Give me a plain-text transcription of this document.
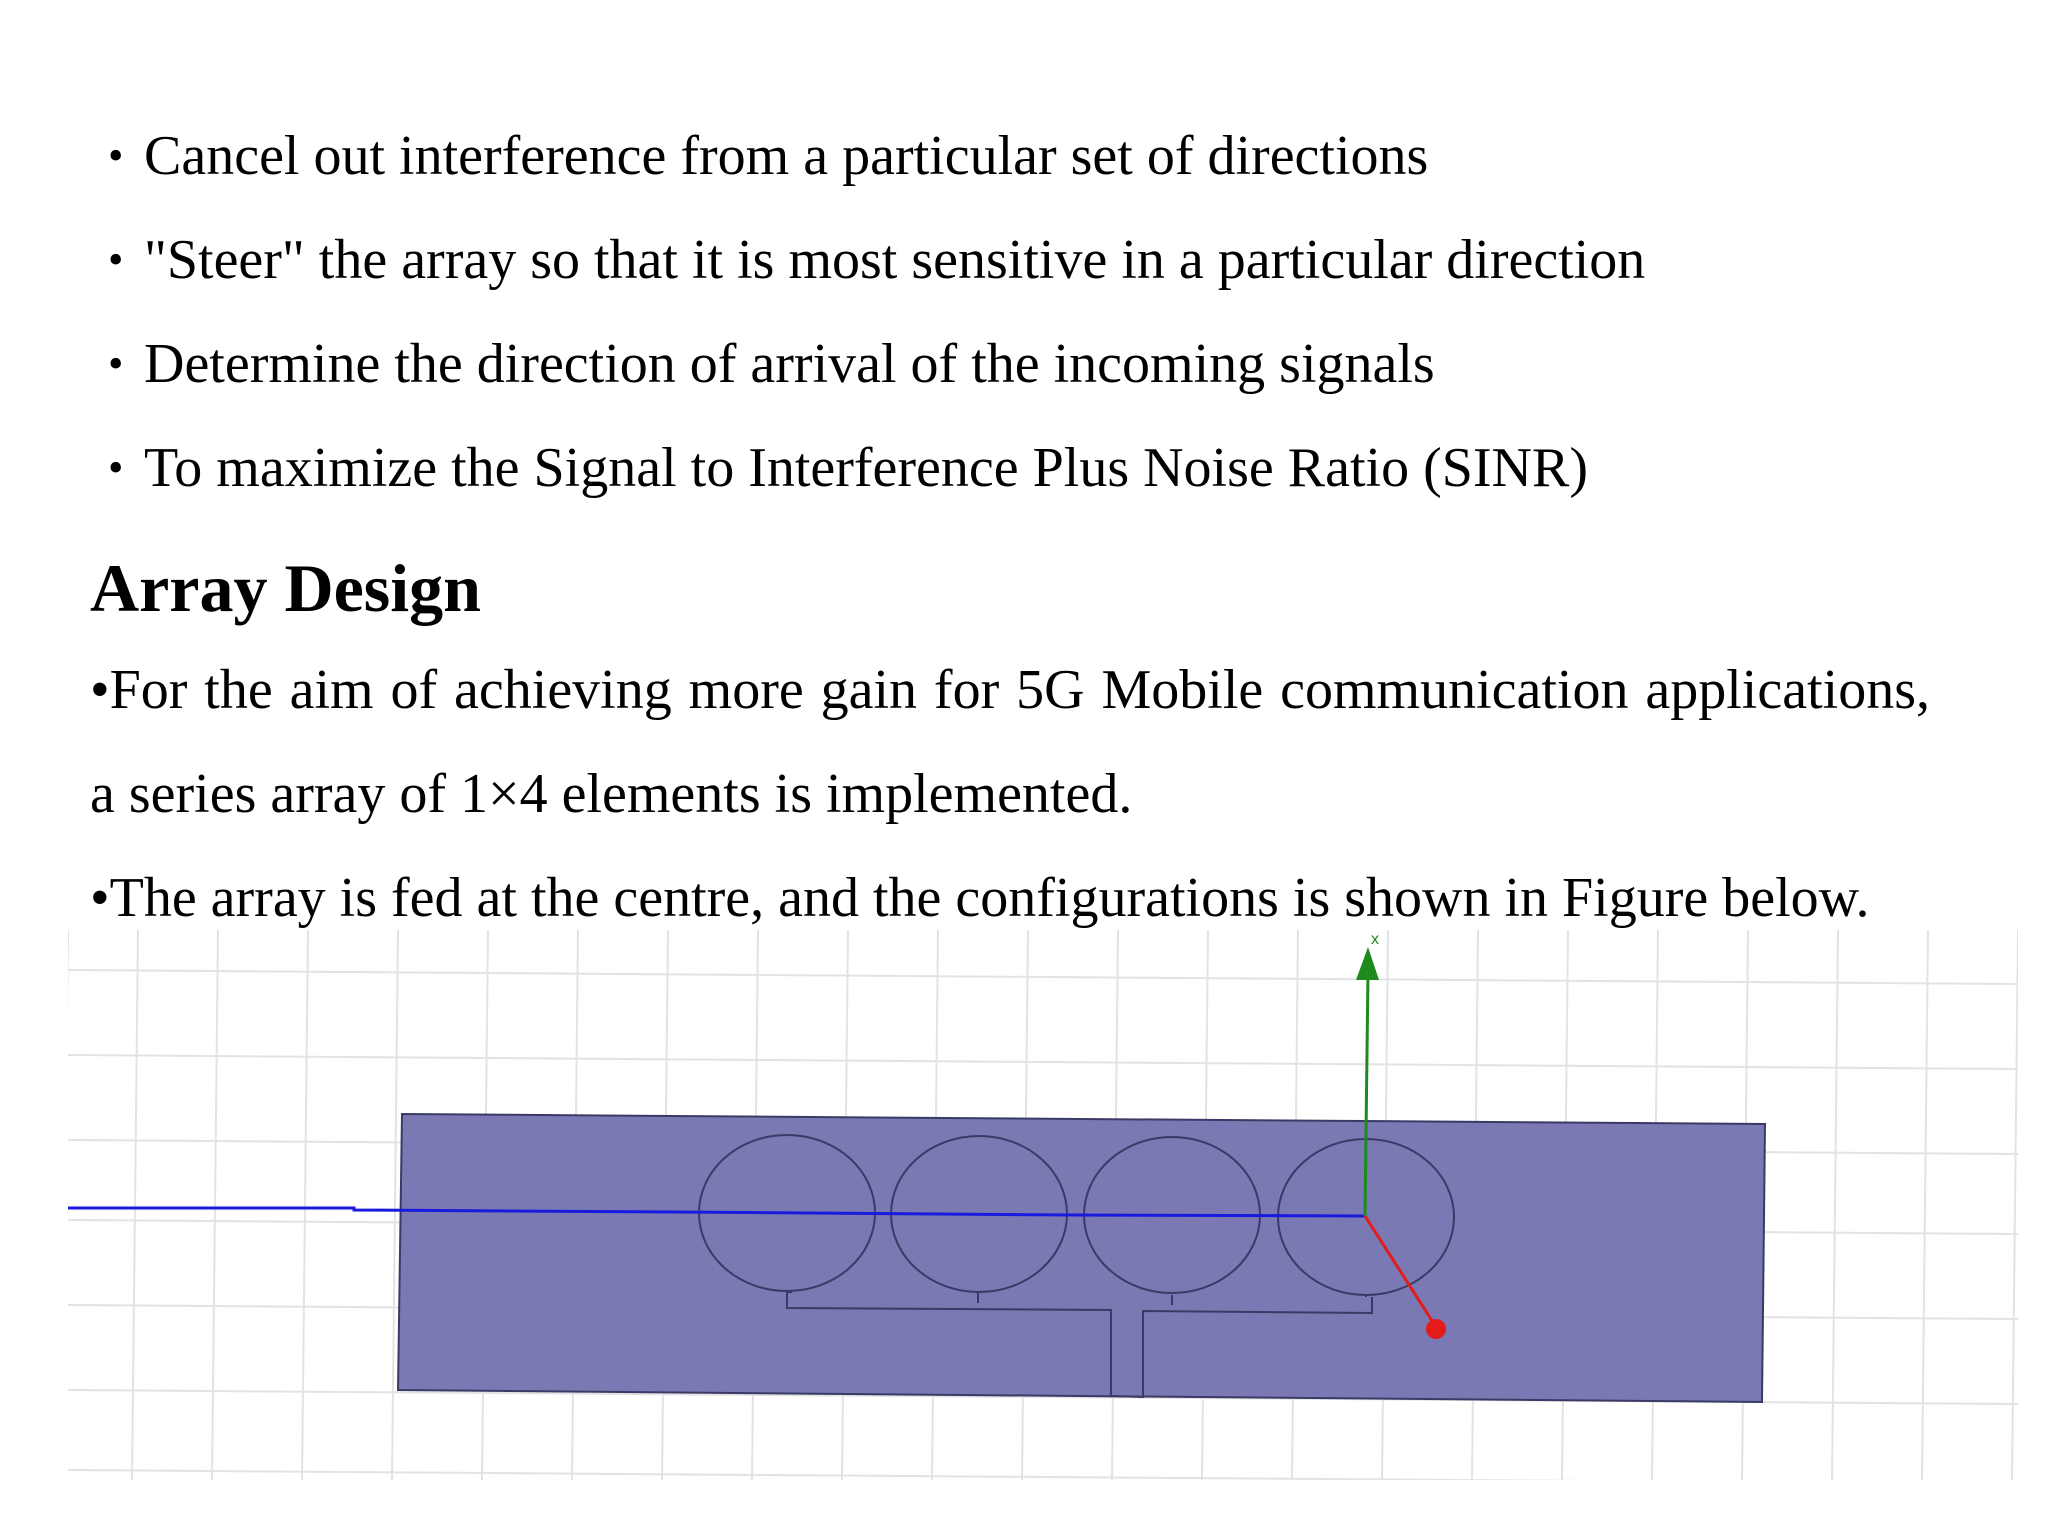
• Cancel out interference from a particular set of directions
• "Steer" the array so that it is most sensitive in a particular direction
• Determine the direction of arrival of the incoming signals
• To maximize the Signal to Interference Plus Noise Ratio (SINR)
Array Design

•For the aim of achieving more gain for 5G Mobile communication applications, a series array of 1×4 elements is implemented.

•The array is fed at the centre, and the configurations is shown in Figure below.

x
